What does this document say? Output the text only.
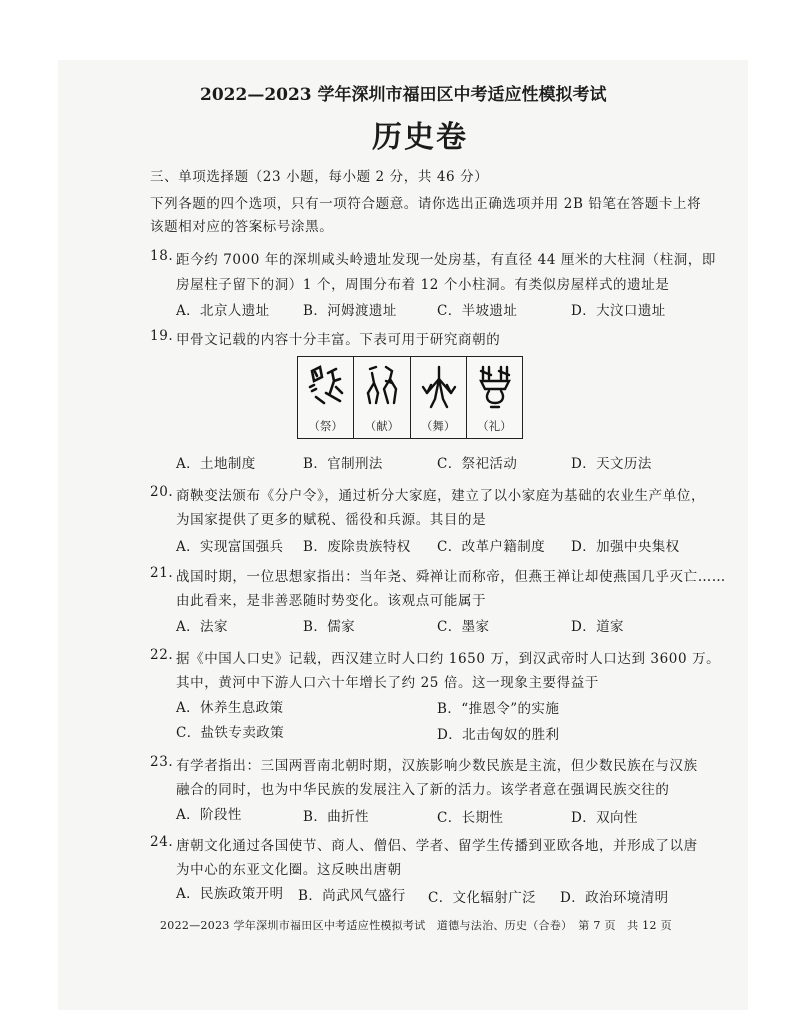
2022—2023 学年深圳市福田区中考适应性模拟考试
历史卷
三、单项选择题（23 小题，每小题 2 分，共 46 分）
下列各题的四个选项，只有一项符合题意。请你选出正确选项并用 2B 铅笔在答题卡上将
该题相对应的答案标号涂黑。
18. 距今约 7000 年的深圳咸头岭遗址发现一处房基，有直径 44 厘米的大柱洞（柱洞，即
房屋柱子留下的洞）1 个，周围分布着 12 个小柱洞。有类似房屋样式的遗址是
A．北京人遗址 B．河姆渡遗址	C．半坡遗址	D．大汶口遗址
19. 甲骨文记载的内容十分丰富。下表可用于研究商朝的
（祭）	（献）	（舞）	（礼）
A．土地制度	B．官制刑法	C．祭祀活动	D．天文历法
20. 商鞅变法颁布《分户令》，通过析分大家庭，建立了以小家庭为基础的农业生产单位，
为国家提供了更多的赋税、徭役和兵源。其目的是
A．实现富国强兵 B．废除贵族特权 C．改革户籍制度 D．加强中央集权
21. 战国时期，一位思想家指出：当年尧、舜禅让而称帝，但燕王禅让却使燕国几乎灭亡……
由此看来，是非善恶随时势变化。该观点可能属于
A．法家	B．儒家	C．墨家	D．道家
22. 据《中国人口史》记载，西汉建立时人口约 1650 万，到汉武帝时人口达到 3600 万。
其中，黄河中下游人口六十年增长了约 25 倍。这一现象主要得益于
A．休养生息政策	B．“推恩令”的实施
C．盐铁专卖政策	D．北击匈奴的胜利
23. 有学者指出：三国两晋南北朝时期，汉族影响少数民族是主流，但少数民族在与汉族
融合的同时，也为中华民族的发展注入了新的活力。该学者意在强调民族交往的
A．阶段性	B．曲折性	C．长期性	D．双向性
24. 唐朝文化通过各国使节、商人、僧侣、学者、留学生传播到亚欧各地，并形成了以唐
为中心的东亚文化圈。这反映出唐朝
A．民族政策开明 B．尚武风气盛行 C．文化辐射广泛 D．政治环境清明
2022—2023 学年深圳市福田区中考适应性模拟考试　道德与法治、历史（合卷）　第 7 页　共 12 页
